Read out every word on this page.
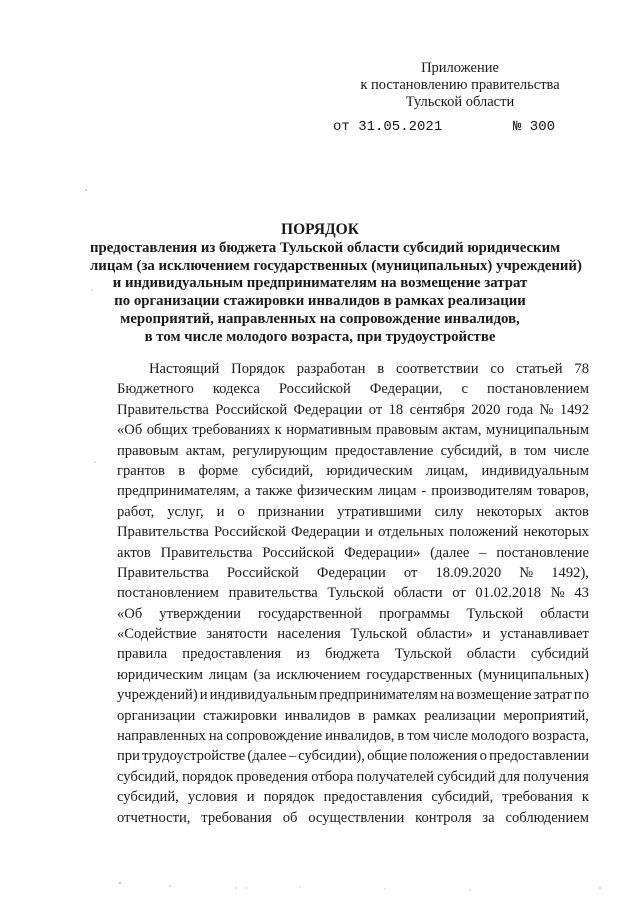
Приложение
к постановлению правительства
Тульской области
от 31.05.2021	№ 300
ПОРЯДОК
предоставления из бюджета Тульской области субсидий юридическим
лицам (за исключением государственных (муниципальных) учреждений)
и индивидуальным предпринимателям на возмещение затрат
по организации стажировки инвалидов в рамках реализации
мероприятий, направленных на сопровождение инвалидов,
в том числе молодого возраста, при трудоустройстве
Настоящий Порядок разработан в соответствии со статьей 78
Бюджетного кодекса Российской Федерации, с постановлением
Правительства Российской Федерации от 18 сентября 2020 года № 1492
«Об общих требованиях к нормативным правовым актам, муниципальным
правовым актам, регулирующим предоставление субсидий, в том числе
грантов в форме субсидий, юридическим лицам, индивидуальным
предпринимателям, а также физическим лицам - производителям товаров,
работ, услуг, и о признании утратившими силу некоторых актов
Правительства Российской Федерации и отдельных положений некоторых
актов Правительства Российской Федерации» (далее – постановление
Правительства Российской Федерации от 18.09.2020 № 1492),
постановлением правительства Тульской области от 01.02.2018 № 43
«Об утверждении государственной программы Тульской области
«Содействие занятости населения Тульской области» и устанавливает
правила предоставления из бюджета Тульской области субсидий
юридическим лицам (за исключением государственных (муниципальных)
учреждений) и индивидуальным предпринимателям на возмещение затрат по
организации стажировки инвалидов в рамках реализации мероприятий,
направленных на сопровождение инвалидов, в том числе молодого возраста,
при трудоустройстве (далее – субсидии), общие положения о предоставлении
субсидий, порядок проведения отбора получателей субсидий для получения
субсидий, условия и порядок предоставления субсидий, требования к
отчетности, требования об осуществлении контроля за соблюдением
